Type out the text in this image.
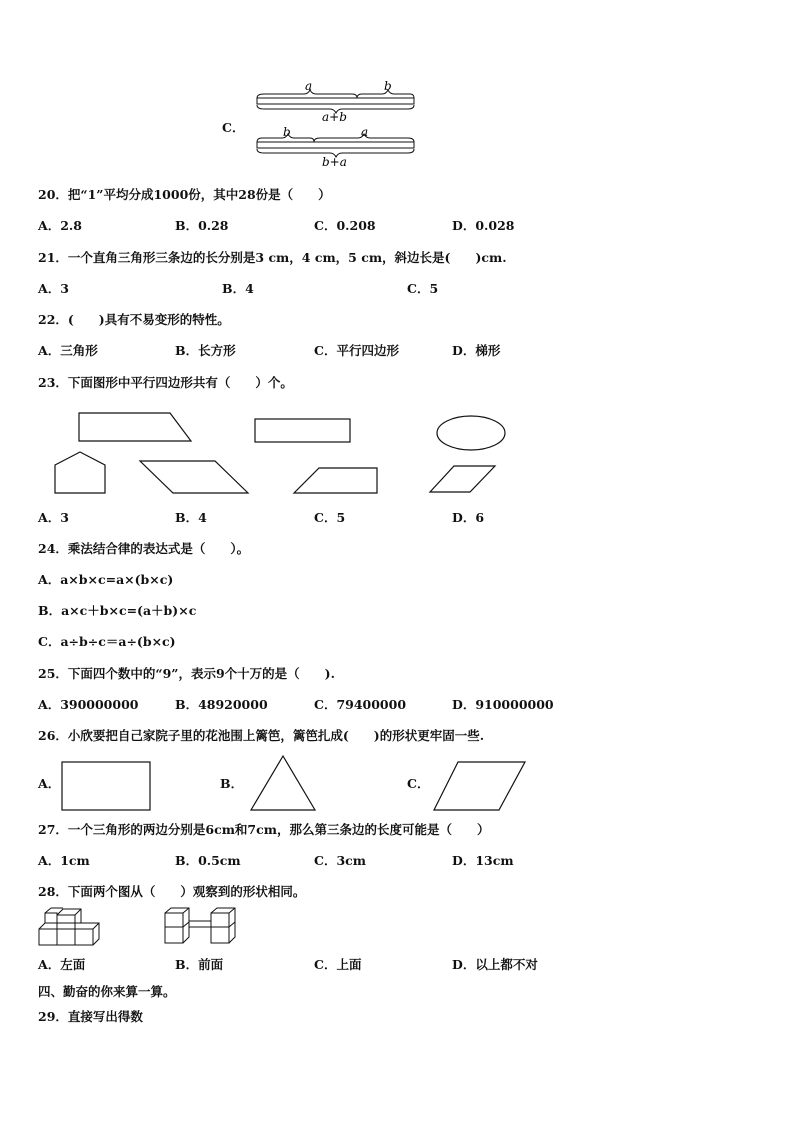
C．
a	b
a+b
b	a
b+a
20．把“1”平均分成1000份，其中28份是（　　）
A．2.8	B．0.28	C．0.208	D．0.028
21．一个直角三角形三条边的长分别是3 cm，4 cm，5 cm，斜边长是(　　)cm.
A．3	B．4	C．5
22．(　　)具有不易变形的特性。
A．三角形	B．长方形	C．平行四边形	D．梯形
23．下面图形中平行四边形共有（　　）个。
A．3	B．4	C．5	D．6
24．乘法结合律的表达式是（　　）。
A．a×b×c=a×(b×c)
B．a×c＋b×c=(a＋b)×c
C．a÷b÷c＝a÷(b×c)
25．下面四个数中的“9”，表示9个十万的是（　　).
A．390000000	B．48920000	C．79400000	D．910000000
26．小欣要把自己家院子里的花池围上篱笆，篱笆扎成(　　)的形状更牢固一些.
A．	B．	C．
27．一个三角形的两边分别是6cm和7cm，那么第三条边的长度可能是（　　）
A．1cm	B．0.5cm	C．3cm	D．13cm
28．下面两个图从（　　）观察到的形状相同。
A．左面	B．前面	C．上面	D．以上都不对
四、勤奋的你来算一算。
29．直接写出得数
